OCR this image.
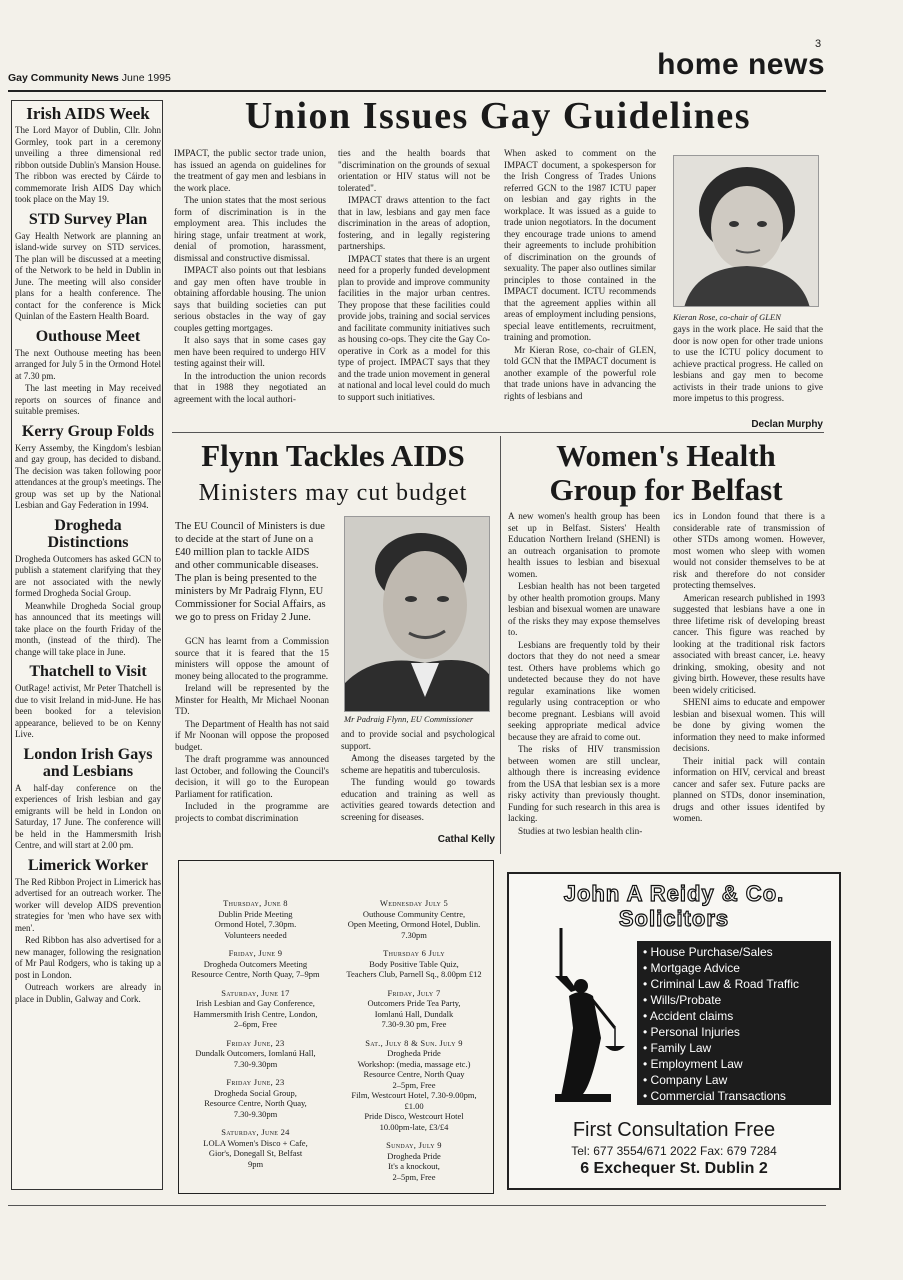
3
Gay Community News June 1995	home news
Irish AIDS Week

The Lord Mayor of Dublin, Cllr. John Gormley, took part in a ceremony unveiling a three dimensional red ribbon outside Dublin's Mansion House. The ribbon was erected by Cáirde to commemorate Irish AIDS Day which took place on the May 19.

STD Survey Plan

Gay Health Network are planning an island-wide survey on STD services. The plan will be discussed at a meeting of the Network to be held in Dublin in June. The meeting will also consider plans for a health conference. The contact for the conference is Mick Quinlan of the Eastern Health Board.

Outhouse Meet

The next Outhouse meeting has been arranged for July 5 in the Ormond Hotel at 7.30 pm.

The last meeting in May received reports on sources of finance and suitable premises.

Kerry Group Folds

Kerry Assemby, the Kingdom's lesbian and gay group, has decided to disband. The decision was taken following poor attendances at the group's meetings. The group was set up by the National Lesbian and Gay Federation in 1994.

Drogheda Distinctions

Drogheda Outcomers has asked GCN to publish a statement clarifying that they are not associated with the newly formed Drogheda Social Group.

Meanwhile Drogheda Social group has announced that its meetings will take place on the fourth Friday of the month, (instead of the third). The change will take place in June.

Thatchell to Visit

OutRage! activist, Mr Peter Thatchell is due to visit Ireland in mid-June. He has been booked for a television appearance, believed to be on Kenny Live.

London Irish Gays and Lesbians

A half-day conference on the experiences of Irish lesbian and gay emigrants will be held in London on Saturday, 17 June. The conference will be held in the Hammersmith Irish Centre, and will start at 2.00 pm.

Limerick Worker

The Red Ribbon Project in Limerick has advertised for an outreach worker. The worker will develop AIDS prevention strategies for 'men who have sex with men'.

Red Ribbon has also advertised for a new manager, following the resignation of Mr Paul Rodgers, who is taking up a post in London.

Outreach workers are already in place in Dublin, Galway and Cork.

Union Issues Gay Guidelines

IMPACT, the public sector trade union, has issued an agenda on guidelines for the treatment of gay men and lesbians in the work place.

The union states that the most serious form of discrimination is in the employment area. This includes the hiring stage, unfair treatment at work, denial of promotion, harassment, dismissal and constructive dismissal.

IMPACT also points out that lesbians and gay men often have trouble in obtaining affordable housing. The union says that building societies can put serious obstacles in the way of gay couples getting mortgages.

It also says that in some cases gay men have been required to undergo HIV testing against their will.

In the introduction the union records that in 1988 they negotiated an agreement with the local authori-

ties and the health boards that "discrimination on the grounds of sexual orientation or HIV status will not be tolerated".

IMPACT draws attention to the fact that in law, lesbians and gay men face discrimination in the areas of adoption, fostering, and in legally registering partnerships.

IMPACT states that there is an urgent need for a properly funded development plan to provide and improve community facilities in the major urban centres. They propose that these facilities could provide jobs, training and social services and facilitate community initiatives such as housing co-ops. They cite the Gay Co-operative in Cork as a model for this type of project. IMPACT says that they and the trade union movement in general at national and local level could do much to support such initiatives.

When asked to comment on the IMPACT document, a spokesperson for the Irish Congress of Trades Unions referred GCN to the 1987 ICTU paper on lesbian and gay rights in the workplace. It was issued as a guide to trade union negotiators. In the document they encourage trade unions to amend their agreements to include prohibition of discrimination on the grounds of sexuality. The paper also outlines similar principles to those contained in the IMPACT document. ICTU recommends that the agreement applies within all areas of employment including pensions, special leave entitlements, recruitment, training and promotion.

Mr Kieran Rose, co-chair of GLEN, told GCN that the IMPACT document is another example of the powerful role that trade unions have in advancing the rights of lesbians and

Kieran Rose, co-chair of GLEN

gays in the work place. He said that the door is now open for other trade unions to use the ICTU policy document to achieve practical progress. He called on lesbians and gay men to become activists in their trade unions to give more impetus to this progress.

Declan Murphy
Flynn Tackles AIDS
Ministers may cut budget
The EU Council of Ministers is due to decide at the start of June on a £40 million plan to tackle AIDS and other communicable diseases. The plan is being presented to the ministers by Mr Padraig Flynn, EU Commissioner for Social Affairs, as we go to press on Friday 2 June.

GCN has learnt from a Commission source that it is feared that the 15 ministers will oppose the amount of money being allocated to the programme.

Ireland will be represented by the Minster for Health, Mr Michael Noonan TD.

The Department of Health has not said if Mr Noonan will oppose the proposed budget.

The draft programme was announced last October, and following the Council's decision, it will go to the European Parliament for ratification.

Included in the programme are projects to combat discrimination

Mr Padraig Flynn, EU Commissioner

and to provide social and psychological support.

Among the diseases targeted by the scheme are hepatitis and tuberculosis.

The funding would go towards education and training as well as activities geared towards detection and screening for diseases.

Cathal Kelly
Women's Health
Group for Belfast

A new women's health group has been set up in Belfast. Sisters' Health Education Northern Ireland (SHENI) is an outreach organisation to promote health issues to lesbian and bisexual women.

Lesbian health has not been targeted by other health promotion groups. Many lesbian and bisexual women are unaware of the risks they may expose themselves to.

Lesbians are frequently told by their doctors that they do not need a smear test. Others have problems which go undetected because they do not have regular examinations like women regularly using contraception or who become pregnant. Lesbians will avoid seeking appropriate medical advice because they are afraid to come out.

The risks of HIV transmission between women are still unclear, although there is increasing evidence from the USA that lesbian sex is a more risky activity than previously thought. Funding for such research in this area is lacking.

Studies at two lesbian health clin-

ics in London found that there is a considerable rate of transmission of other STDs among women. However, most women who sleep with women would not consider themselves to be at risk and therefore do not consider protecting themselves.

American research published in 1993 suggested that lesbians have a one in three lifetime risk of developing breast cancer. This figure was reached by looking at the traditional risk factors associated with breast cancer, i.e. heavy drinking, smoking, obesity and not giving birth. However, these results have been widely criticised.

SHENI aims to educate and empower lesbian and bisexual women. This will be done by giving women the information they need to make informed decisions.

Their initial pack will contain information on HIV, cervical and breast cancer and safer sex. Future packs are planned on STDs, donor insemination, drugs and other issues identifed by women.

Thursday, June 8
Dublin Pride Meeting
Ormond Hotel, 7.30pm.
Volunteers needed
Friday, June 9
Drogheda Outcomers Meeting
Resource Centre, North Quay, 7–9pm
Saturday, June 17
Irish Lesbian and Gay Conference,
Hammersmith Irish Centre, London,
2–6pm, Free
Friday June, 23
Dundalk Outcomers, Iomlanú Hall,
7.30-9.30pm
Friday June, 23
Drogheda Social Group,
Resource Centre, North Quay,
7.30-9.30pm
Saturday, June 24
LOLA Women's Disco + Cafe,
Gior's, Donegall St, Belfast
9pm
Wednesday July 5
Outhouse Community Centre,
Open Meeting, Ormond Hotel, Dublin.
7.30pm
Thursday 6 July
Body Positive Table Quiz,
Teachers Club, Parnell Sq., 8.00pm £12
Friday, July 7
Outcomers Pride Tea Party,
Iomlanú Hall, Dundalk
7.30-9.30 pm, Free
Sat., July 8 & Sun. July 9
Drogheda Pride
Workshop: (media, massage etc.)
Resource Centre, North Quay
2–5pm, Free
Film, Westcourt Hotel, 7.30-9.00pm,
£1.00
Pride Disco, Westcourt Hotel
10.00pm-late, £3/£4
Sunday, July 9
Drogheda Pride
It's a knockout,
2–5pm, Free
John A Reidy & Co.
Solicitors
• House Purchase/Sales
• Mortgage Advice
• Criminal Law & Road Traffic
• Wills/Probate
• Accident claims
• Personal Injuries
• Family Law
• Employment Law
• Company Law
• Commercial Transactions
First Consultation Free
Tel: 677 3554/671 2022 Fax: 679 7284
6 Exchequer St. Dublin 2
